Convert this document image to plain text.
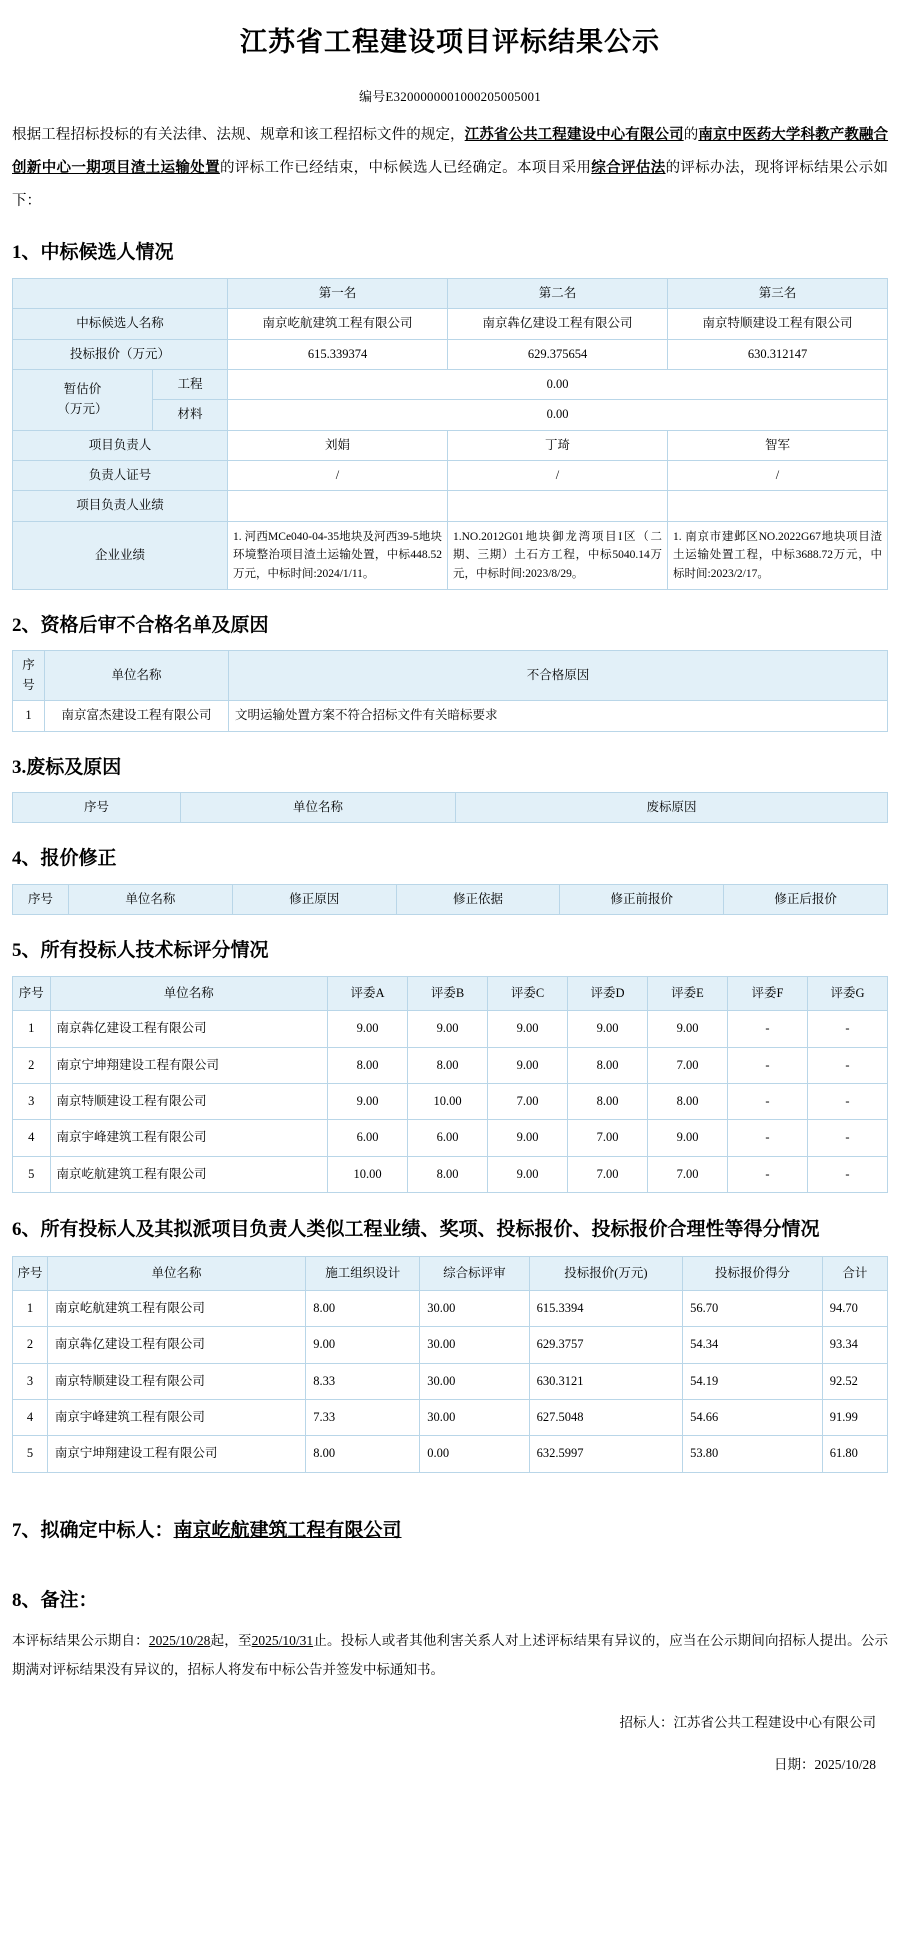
江苏省工程建设项目评标结果公示
编号E3200000001000205005001

根据工程招标投标的有关法律、法规、规章和该工程招标文件的规定，江苏省公共工程建设中心有限公司的南京中医药大学科教产教融合创新中心一期项目渣土运输处置的评标工作已经结束，中标候选人已经确定。本项目采用综合评估法的评标办法，现将评标结果公示如下：

1、中标候选人情况
		第一名	第二名	第三名
中标候选人名称		南京屹航建筑工程有限公司	南京犇亿建设工程有限公司	南京特顺建设工程有限公司
投标报价（万元）		615.339374	629.375654	630.312147
暂估价
（万元）	工程	0.00		
	材料	0.00		
项目负责人		刘娟	丁琦	智军
负责人证号		/	/	/
项目负责人业绩				
企业业绩		1. 河西MCe040-04-35地块及河西39-5地块环境整治项目渣土运输处置，中标448.52万元，中标时间:2024/1/11。	1.NO.2012G01地块御龙湾项目I区（二期、三期）土石方工程，中标5040.14万元，中标时间:2023/8/29。	1. 南京市建邺区NO.2022G67地块项目渣土运输处置工程，中标3688.72万元，中标时间:2023/2/17。
2、资格后审不合格名单及原因
序号	单位名称	不合格原因
1	南京富杰建设工程有限公司	文明运输处置方案不符合招标文件有关暗标要求
3.废标及原因
序号	单位名称	废标原因
4、报价修正
序号	单位名称	修正原因	修正依据	修正前报价	修正后报价
5、所有投标人技术标评分情况
序号	单位名称	评委A	评委B	评委C	评委D	评委E	评委F	评委G
1	南京犇亿建设工程有限公司	9.00	9.00	9.00	9.00	9.00	-	-
2	南京宁坤翔建设工程有限公司	8.00	8.00	9.00	8.00	7.00	-	-
3	南京特顺建设工程有限公司	9.00	10.00	7.00	8.00	8.00	-	-
4	南京宇峰建筑工程有限公司	6.00	6.00	9.00	7.00	9.00	-	-
5	南京屹航建筑工程有限公司	10.00	8.00	9.00	7.00	7.00	-	-
6、所有投标人及其拟派项目负责人类似工程业绩、奖项、投标报价、投标报价合理性等得分情况
序号	单位名称	施工组织设计	综合标评审	投标报价(万元)	投标报价得分	合计
1	南京屹航建筑工程有限公司	8.00	30.00	615.3394	56.70	94.70
2	南京犇亿建设工程有限公司	9.00	30.00	629.3757	54.34	93.34
3	南京特顺建设工程有限公司	8.33	30.00	630.3121	54.19	92.52
4	南京宇峰建筑工程有限公司	7.33	30.00	627.5048	54.66	91.99
5	南京宁坤翔建设工程有限公司	8.00	0.00	632.5997	53.80	61.80
7、拟确定中标人：南京屹航建筑工程有限公司
8、备注：

本评标结果公示期自：2025/10/28起，至2025/10/31止。投标人或者其他利害关系人对上述评标结果有异议的，应当在公示期间向招标人提出。公示期满对评标结果没有异议的，招标人将发布中标公告并签发中标通知书。

招标人：江苏省公共工程建设中心有限公司
日期：2025/10/28
